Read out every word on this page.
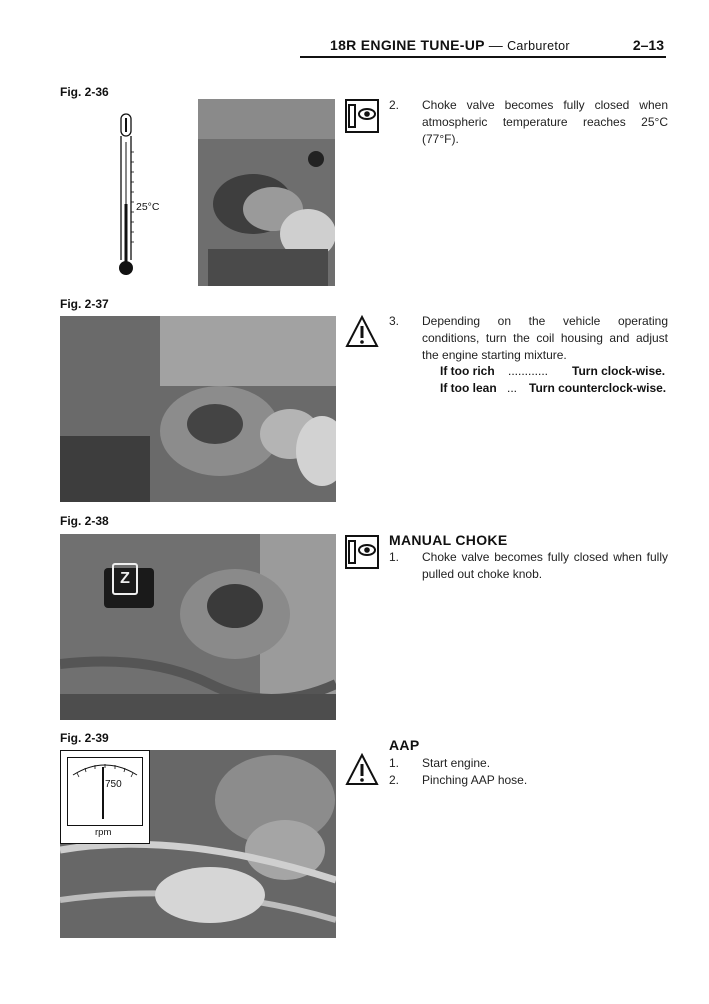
18R ENGINE TUNE-UP — Carburetor	2–13
Fig. 2-36
25°C
2. Choke valve becomes fully closed when atmospheric temperature reaches 25°C (77°F).
Fig. 2-37
3. Depending on the vehicle operating conditions, turn the coil housing and adjust the engine starting mixture.
If too rich ............ Turn clock-wise.
If too lean ... Turn counterclock-wise.
Fig. 2-38
Z
MANUAL CHOKE
1. Choke valve becomes fully closed when fully pulled out choke knob.
Fig. 2-39
750
rpm
AAP
1. Start engine.
2. Pinching AAP hose.
